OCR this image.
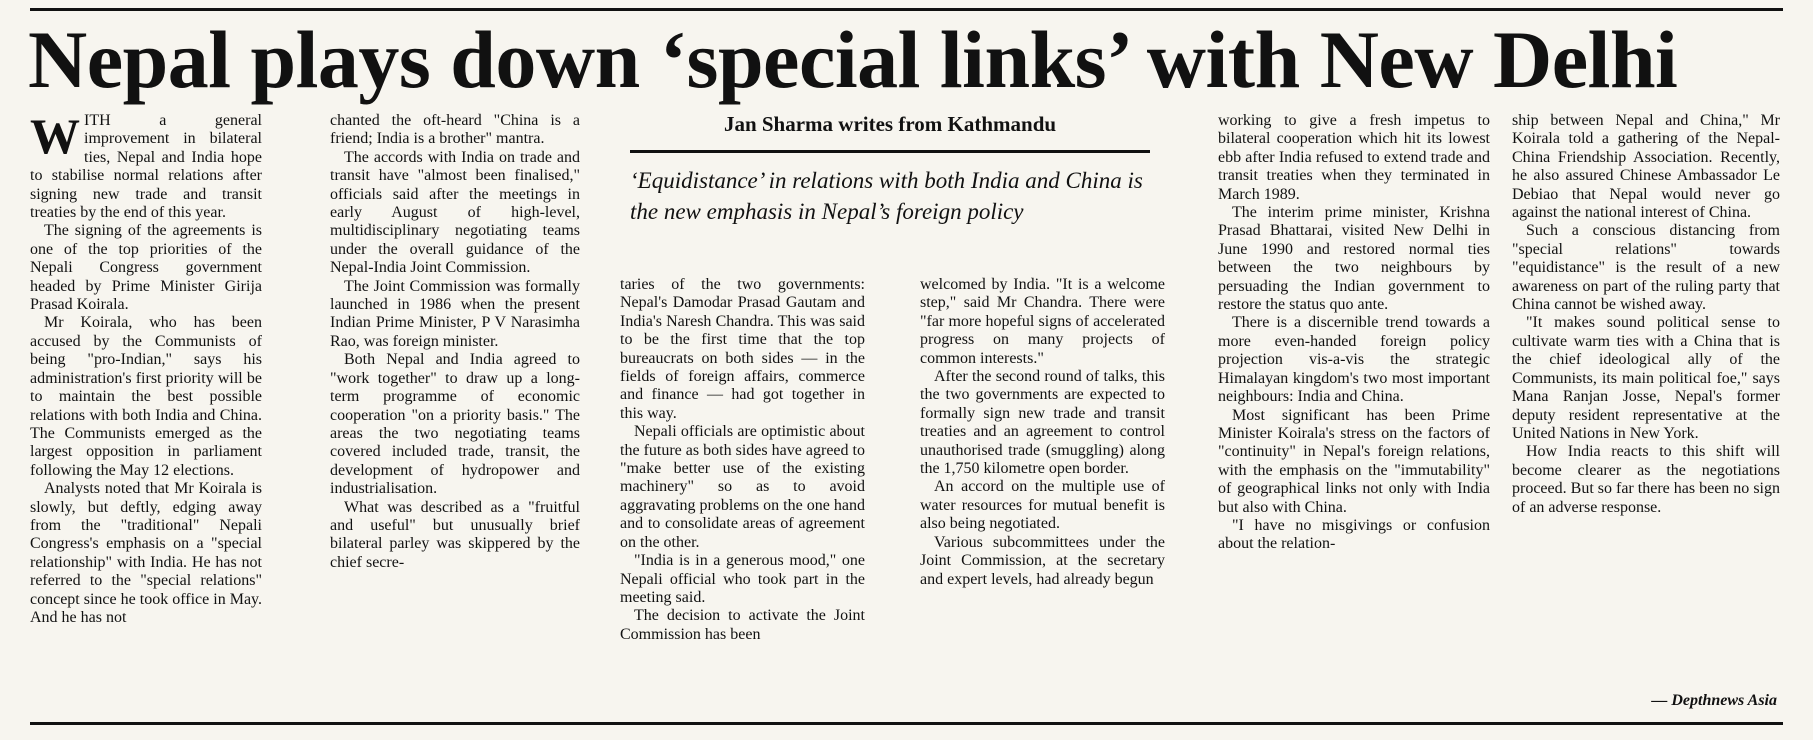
Nepal plays down ‘special links’ with New Delhi
Jan Sharma writes from Kathmandu
‘Equidistance’ in relations with both India and China is the new emphasis in Nepal’s foreign policy
W ITH a general improvement in bilateral ties, Nepal and India hope to stabilise normal relations after signing new trade and transit treaties by the end of this year.

The signing of the agreements is one of the top priorities of the Nepali Congress government headed by Prime Minister Girija Prasad Koirala.

Mr Koirala, who has been accused by the Communists of being "pro-Indian," says his administration's first priority will be to maintain the best possible relations with both India and China. The Communists emerged as the largest opposition in parliament following the May 12 elections.

Analysts noted that Mr Koirala is slowly, but deftly, edging away from the "traditional" Nepali Congress's emphasis on a "special relationship" with India. He has not referred to the "special relations" concept since he took office in May. And he has not

chanted the oft-heard "China is a friend; India is a brother" mantra.

The accords with India on trade and transit have "almost been finalised," officials said after the meetings in early August of high-level, multidisciplinary negotiating teams under the overall guidance of the Nepal-India Joint Commission.

The Joint Commission was formally launched in 1986 when the present Indian Prime Minister, P V Narasimha Rao, was foreign minister.

Both Nepal and India agreed to "work together" to draw up a long-term programme of economic cooperation "on a priority basis." The areas the two negotiating teams covered included trade, transit, the development of hydropower and industrialisation.

What was described as a "fruitful and useful" but unusually brief bilateral parley was skippered by the chief secre-

taries of the two governments: Nepal's Damodar Prasad Gautam and India's Naresh Chandra. This was said to be the first time that the top bureaucrats on both sides — in the fields of foreign affairs, commerce and finance — had got together in this way.

Nepali officials are optimistic about the future as both sides have agreed to "make better use of the existing machinery" so as to avoid aggravating problems on the one hand and to consolidate areas of agreement on the other.

"India is in a generous mood," one Nepali official who took part in the meeting said.

The decision to activate the Joint Commission has been

welcomed by India. "It is a welcome step," said Mr Chandra. There were "far more hopeful signs of accelerated progress on many projects of common interests."

After the second round of talks, this the two governments are expected to formally sign new trade and transit treaties and an agreement to control unauthorised trade (smuggling) along the 1,750 kilometre open border.

An accord on the multiple use of water resources for mutual benefit is also being negotiated.

Various subcommittees under the Joint Commission, at the secretary and expert levels, had already begun

working to give a fresh impetus to bilateral cooperation which hit its lowest ebb after India refused to extend trade and transit treaties when they terminated in March 1989.

The interim prime minister, Krishna Prasad Bhattarai, visited New Delhi in June 1990 and restored normal ties between the two neighbours by persuading the Indian government to restore the status quo ante.

There is a discernible trend towards a more even-handed foreign policy projection vis-a-vis the strategic Himalayan kingdom's two most important neighbours: India and China.

Most significant has been Prime Minister Koirala's stress on the factors of "continuity" in Nepal's foreign relations, with the emphasis on the "immutability" of geographical links not only with India but also with China.

"I have no misgivings or confusion about the relation-

ship between Nepal and China," Mr Koirala told a gathering of the Nepal-China Friendship Association. Recently, he also assured Chinese Ambassador Le Debiao that Nepal would never go against the national interest of China.

Such a conscious distancing from "special relations" towards "equidistance" is the result of a new awareness on part of the ruling party that China cannot be wished away.

"It makes sound political sense to cultivate warm ties with a China that is the chief ideological ally of the Communists, its main political foe," says Mana Ranjan Josse, Nepal's former deputy resident representative at the United Nations in New York.

How India reacts to this shift will become clearer as the negotiations proceed. But so far there has been no sign of an adverse response.

— Depthnews Asia
